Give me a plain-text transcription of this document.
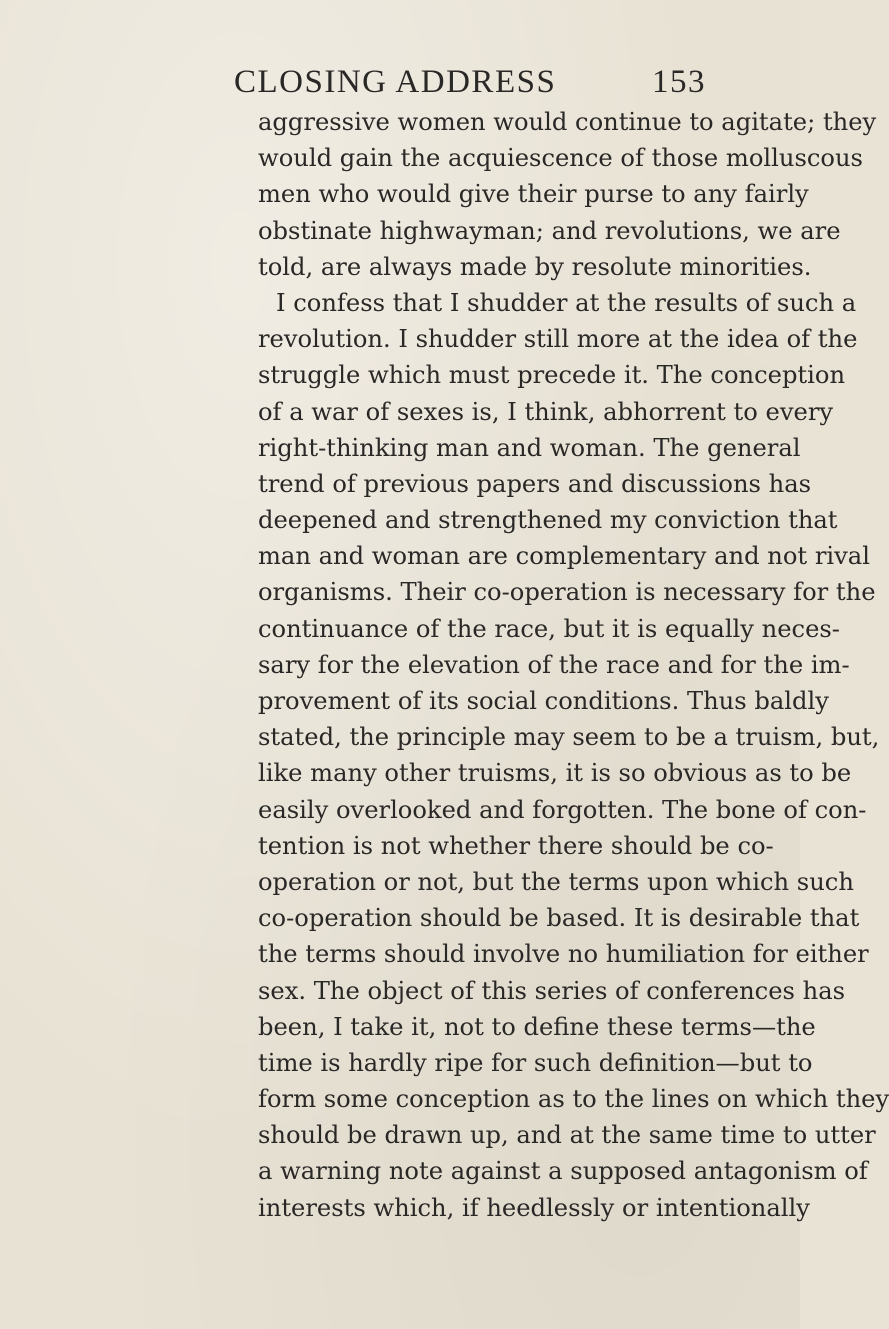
CLOSING ADDRESS	153
aggressive women would continue to agitate; they
would gain the acquiescence of those molluscous
men who would give their purse to any fairly
obstinate highwayman; and revolutions, we are
told, are always made by resolute minorities.
I confess that I shudder at the results of such a
revolution. I shudder still more at the idea of the
struggle which must precede it. The conception
of a war of sexes is, I think, abhorrent to every
right-thinking man and woman. The general
trend of previous papers and discussions has
deepened and strengthened my conviction that
man and woman are complementary and not rival
organisms. Their co-operation is necessary for the
continuance of the race, but it is equally neces-
sary for the elevation of the race and for the im-
provement of its social conditions. Thus baldly
stated, the principle may seem to be a truism, but,
like many other truisms, it is so obvious as to be
easily overlooked and forgotten. The bone of con-
tention is not whether there should be co-
operation or not, but the terms upon which such
co-operation should be based. It is desirable that
the terms should involve no humiliation for either
sex. The object of this series of conferences has
been, I take it, not to define these terms—the
time is hardly ripe for such definition—but to
form some conception as to the lines on which they
should be drawn up, and at the same time to utter
a warning note against a supposed antagonism of
interests which, if heedlessly or intentionally
